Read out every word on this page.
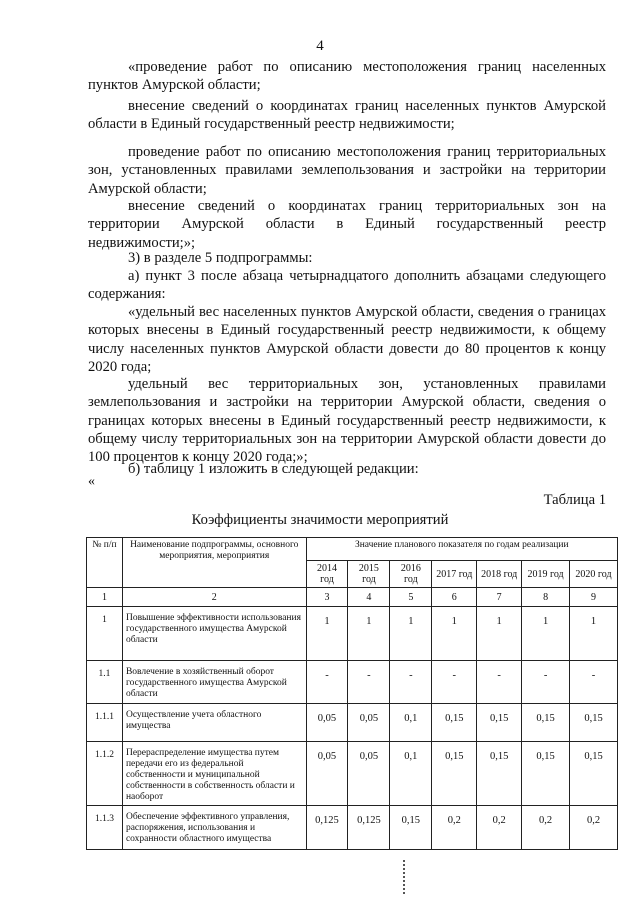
4

«проведение работ по описанию местоположения границ населенных пунктов Амурской области;

внесение сведений о координатах границ населенных пунктов Амурской области в Единый государственный реестр недвижимости;

проведение работ по описанию местоположения границ территориальных зон, установленных правилами землепользования и застройки на территории Амурской области;

внесение сведений о координатах границ территориальных зон на территории Амурской области в Единый государственный реестр недвижимости;»;

3) в разделе 5 подпрограммы:

а) пункт 3 после абзаца четырнадцатого дополнить абзацами следующего содержания:

«удельный вес населенных пунктов Амурской области, сведения о границах которых внесены в Единый государственный реестр недвижимости, к общему числу населенных пунктов Амурской области довести до 80 процентов к концу 2020 года;

удельный вес территориальных зон, установленных правилами землепользования и застройки на территории Амурской области, сведения о границах которых внесены в Единый государственный реестр недвижимости, к общему числу территориальных зон на территории Амурской области довести до 100 процентов к концу 2020 года;»;

б) таблицу 1 изложить в следующей редакции:

«
Таблица 1
Коэффициенты значимости мероприятий
№ п/п	Наименование подпрограммы, основного мероприятия, мероприятия	Значение планового показателя по годам реализации						
		2014 год	2015 год	2016 год	2017 год	2018 год	2019 год	2020 год
1	2	3	4	5	6	7	8	9
1	Повышение эффективности использования государственного имущества Амурской области	1	1	1	1	1	1	1
1.1	Вовлечение в хозяйственный оборот государственного имущества Амурской области	-	-	-	-	-	-	-
1.1.1	Осуществление учета областного имущества	0,05	0,05	0,1	0,15	0,15	0,15	0,15
1.1.2	Перераспределение имущества путем передачи его из федеральной собственности и муниципальной собственности в собственность области и наоборот	0,05	0,05	0,1	0,15	0,15	0,15	0,15
1.1.3	Обеспечение эффективного управления, распоряжения, использования и сохранности областного имущества	0,125	0,125	0,15	0,2	0,2	0,2	0,2
